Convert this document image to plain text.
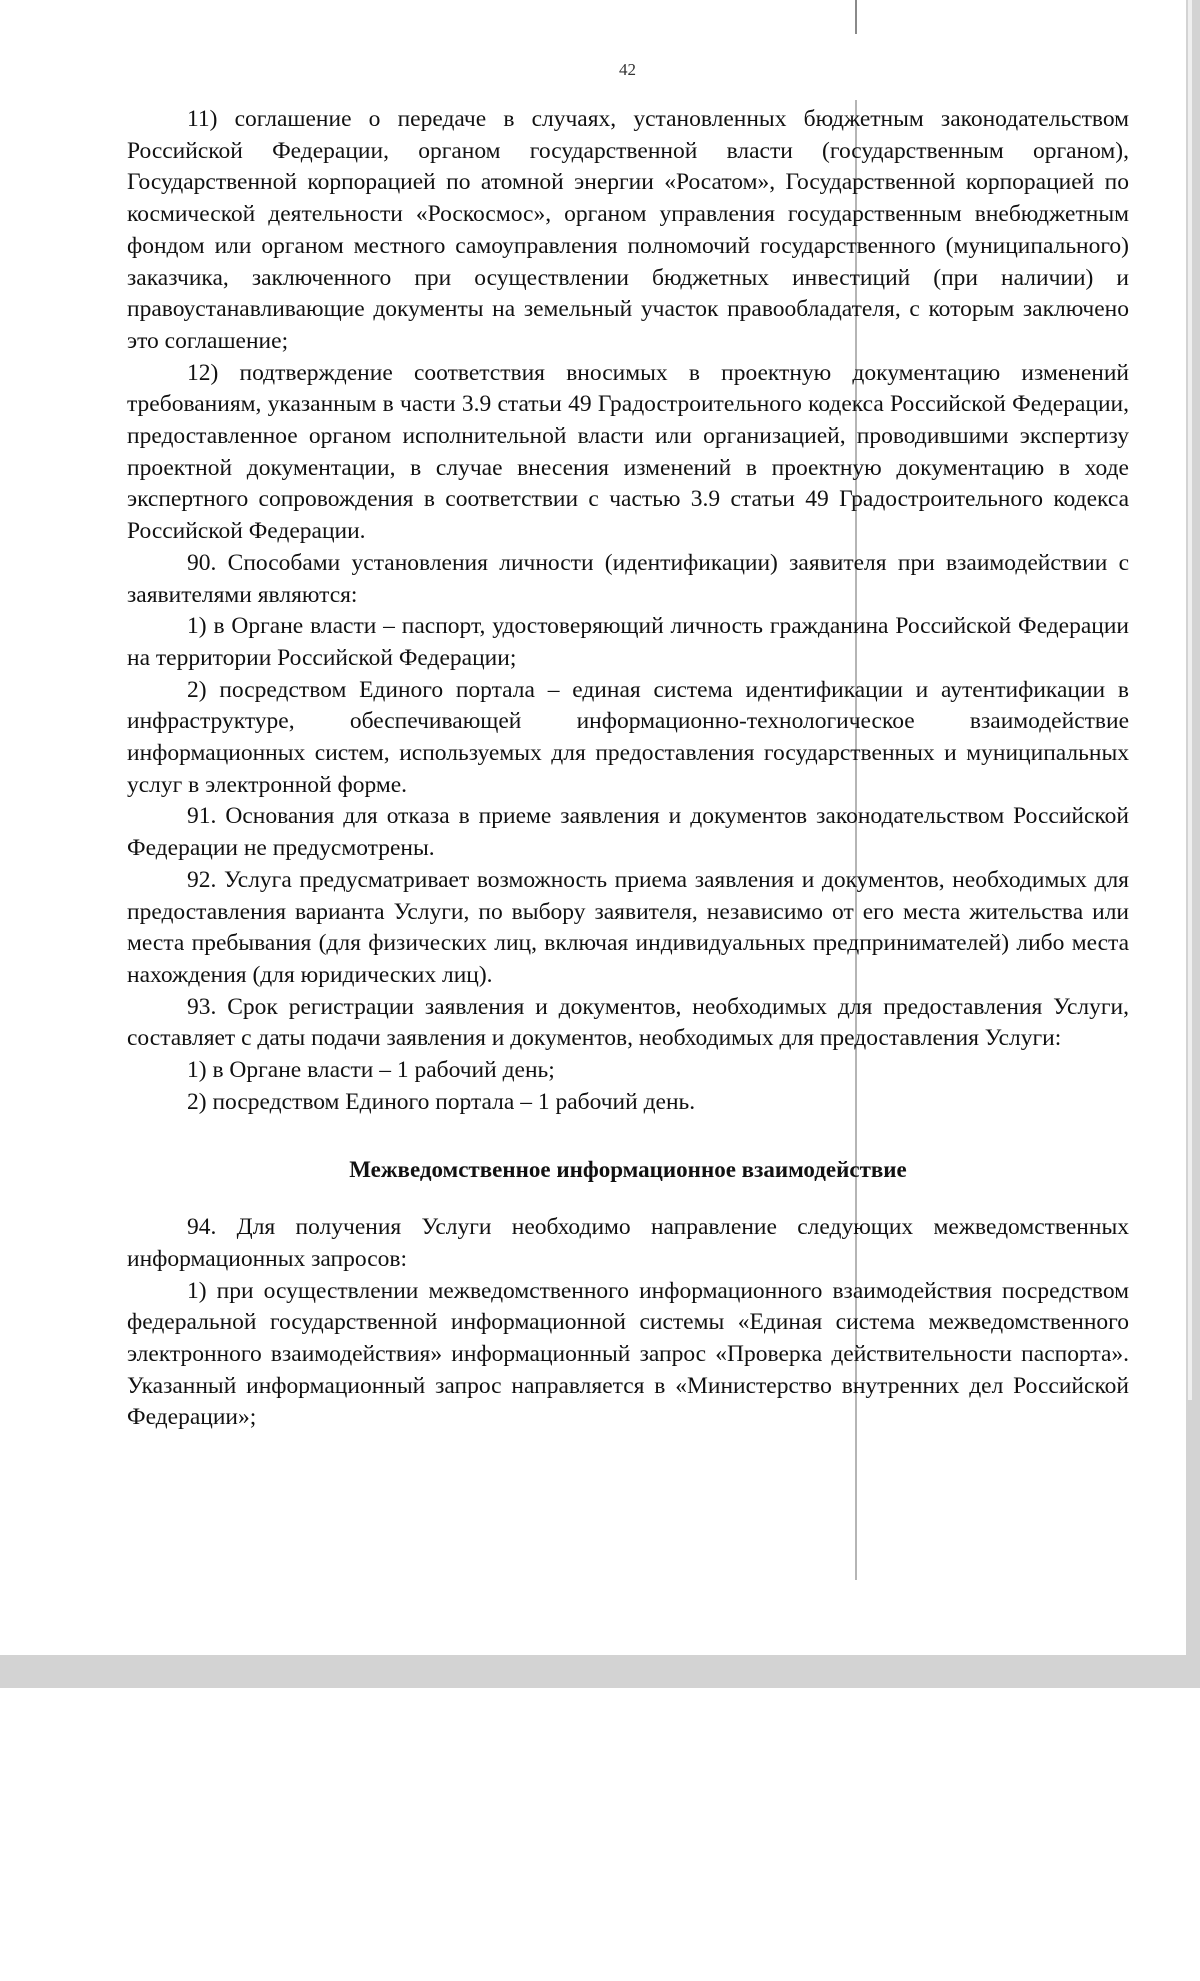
42

11) соглашение о передаче в случаях, установленных бюджетным законодательством Российской Федерации, органом государственной власти (государственным органом), Государственной корпорацией по атомной энергии «Росатом», Государственной корпорацией по космической деятельности «Роскосмос», органом управления государственным внебюджетным фондом или органом местного самоуправления полномочий государственного (муниципального) заказчика, заключенного при осуществлении бюджетных инвестиций (при наличии) и правоустанавливающие документы на земельный участок правообладателя, с которым заключено это соглашение;

12) подтверждение соответствия вносимых в проектную документацию изменений требованиям, указанным в части 3.9 статьи 49 Градостроительного кодекса Российской Федерации, предоставленное органом исполнительной власти или организацией, проводившими экспертизу проектной документации, в случае внесения изменений в проектную документацию в ходе экспертного сопровождения в соответствии с частью 3.9 статьи 49 Градостроительного кодекса Российской Федерации.

90. Способами установления личности (идентификации) заявителя при взаимодействии с заявителями являются:

1) в Органе власти – паспорт, удостоверяющий личность гражданина Российской Федерации на территории Российской Федерации;

2) посредством Единого портала – единая система идентификации и аутентификации в инфраструктуре, обеспечивающей информационно-технологическое взаимодействие информационных систем, используемых для предоставления государственных и муниципальных услуг в электронной форме.

91. Основания для отказа в приеме заявления и документов законодательством Российской Федерации не предусмотрены.

92. Услуга предусматривает возможность приема заявления и документов, необходимых для предоставления варианта Услуги, по выбору заявителя, независимо от его места жительства или места пребывания (для физических лиц, включая индивидуальных предпринимателей) либо места нахождения (для юридических лиц).

93. Срок регистрации заявления и документов, необходимых для предоставления Услуги, составляет с даты подачи заявления и документов, необходимых для предоставления Услуги:

1) в Органе власти – 1 рабочий день;

2) посредством Единого портала – 1 рабочий день.

Межведомственное информационное взаимодействие

94. Для получения Услуги необходимо направление следующих межведомственных информационных запросов:

1) при осуществлении межведомственного информационного взаимодействия посредством федеральной государственной информационной системы «Единая система межведомственного электронного взаимодействия» информационный запрос «Проверка действительности паспорта». Указанный информационный запрос направляется в «Министерство внутренних дел Российской Федерации»;
